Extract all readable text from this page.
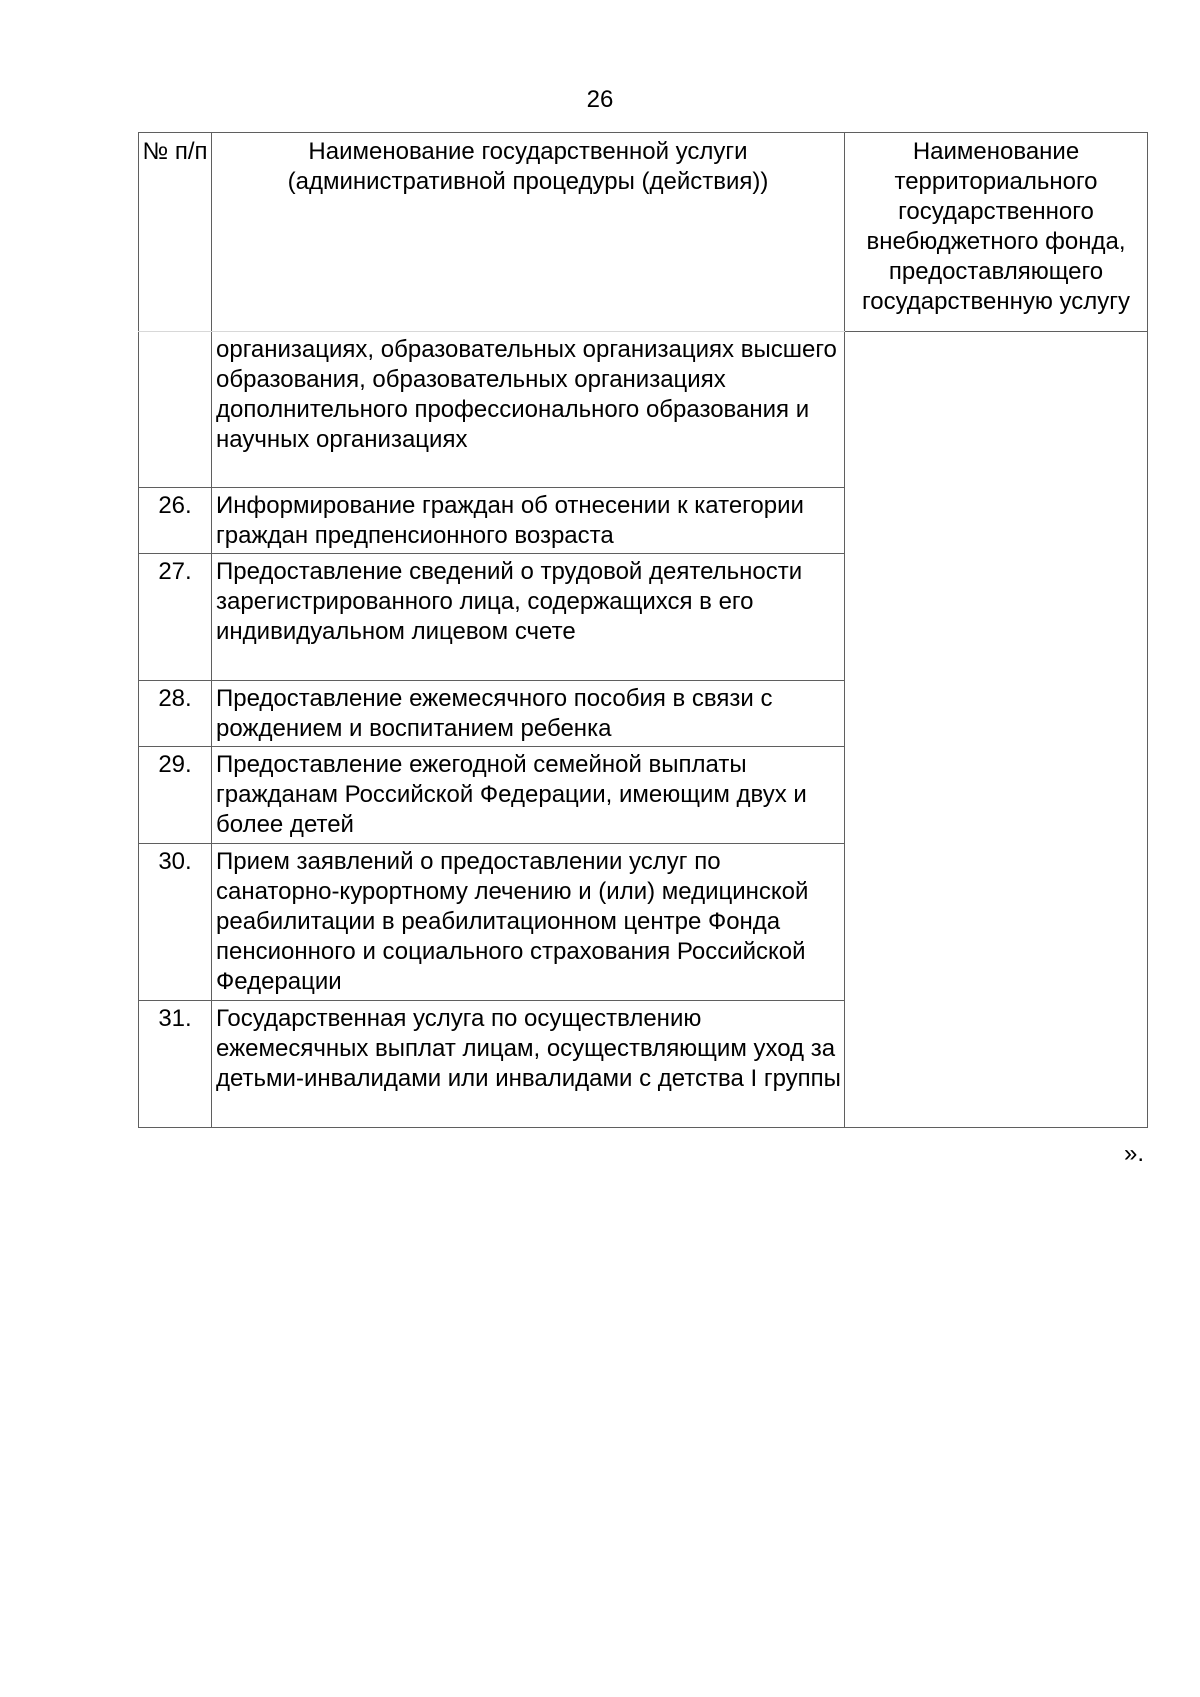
26
№ п/п	Наименование государственной услуги (административной процедуры (действия))	Наименование территориального государственного внебюджетного фонда, предоставляющего государственную услугу
	организациях, образовательных организациях высшего образования, образовательных организациях дополнительного профессионального образования и научных организациях	
26.	Информирование граждан об отнесении к категории граждан предпенсионного возраста	
27.	Предоставление сведений о трудовой деятельности зарегистрированного лица, содержащихся в его индивидуальном лицевом счете	
28.	Предоставление ежемесячного пособия в связи с рождением и воспитанием ребенка	
29.	Предоставление ежегодной семейной выплаты гражданам Российской Федерации, имеющим двух и более детей	
30.	Прием заявлений о предоставлении услуг по санаторно-курортному лечению и (или) медицинской реабилитации в реабилитационном центре Фонда пенсионного и социального страхования Российской Федерации	
31.	Государственная услуга по осуществлению ежемесячных выплат лицам, осуществляющим уход за детьми-инвалидами или инвалидами с детства I группы	
».
